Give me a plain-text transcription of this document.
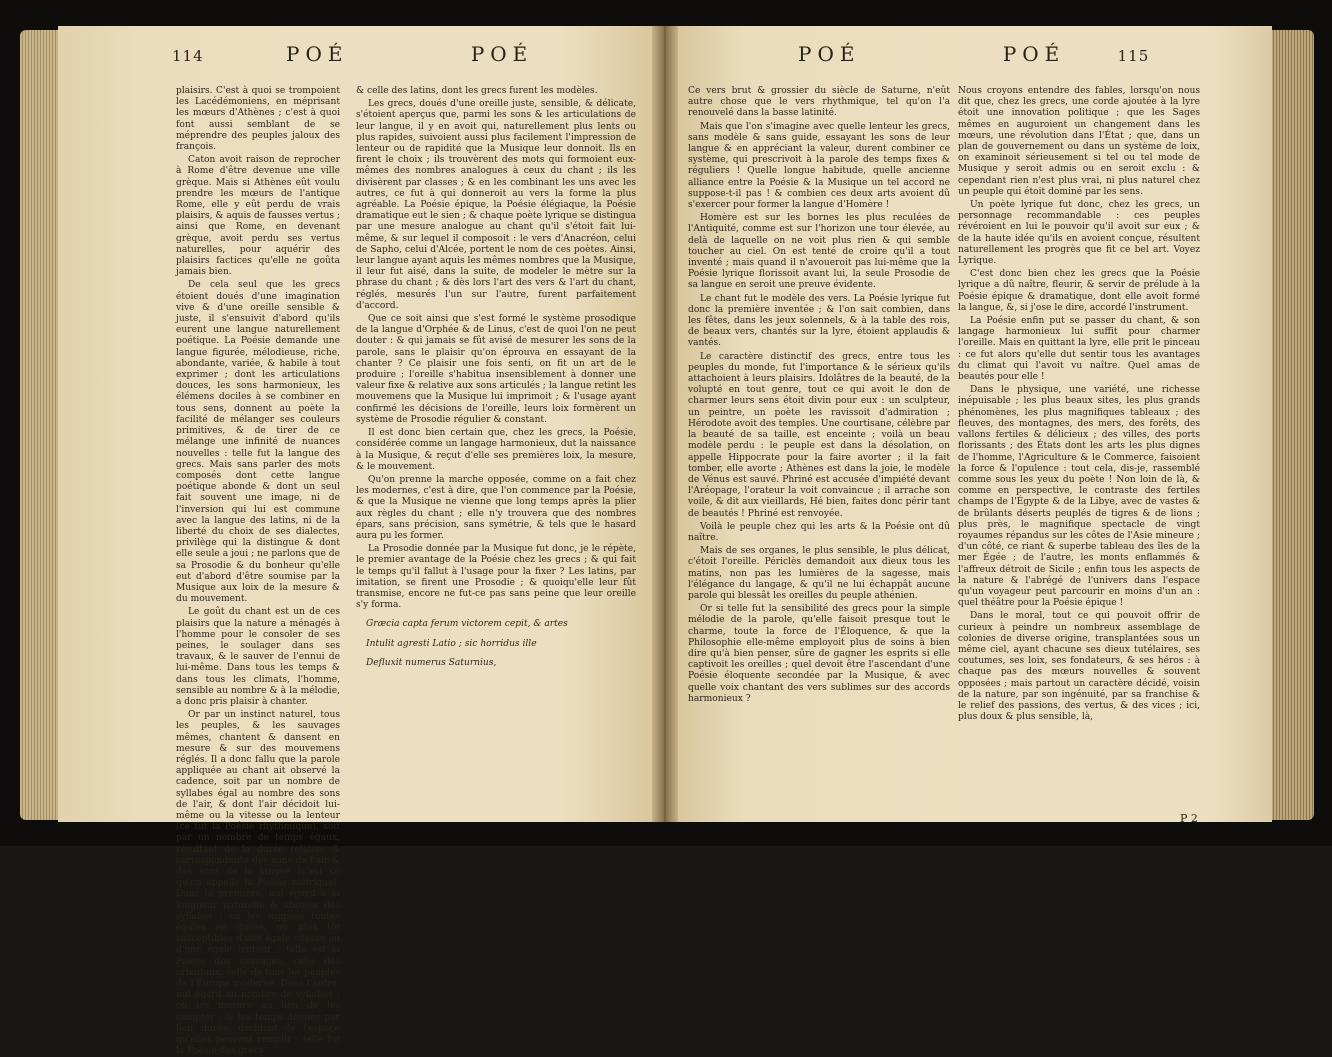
114	POÉ	POÉ	POÉ	POÉ	115

plaisirs. C'est à quoi se trompoient les Lacédémoniens, en méprisant les mœurs d'Athènes ; c'est à quoi font aussi semblant de se méprendre des peuples jaloux des françois.

Caton avoit raison de reprocher à Rome d'être devenue une ville grèque. Mais si Athènes eût voulu prendre les mœurs de l'antique Rome, elle y eût perdu de vrais plaisirs, & aquis de fausses vertus ; ainsi que Rome, en devenant grèque, avoit perdu ses vertus naturelles, pour aquérir des plaisirs factices qu'elle ne goûta jamais bien.

De cela seul que les grecs étoient doués d'une imagination vive & d'une oreille sensible & juste, il s'ensuivit d'abord qu'ils eurent une langue naturellement poétique. La Poésie demande une langue figurée, mélodieuse, riche, abondante, variée, & habile à tout exprimer ; dont les articulations douces, les sons harmonieux, les élémens dociles à se combiner en tous sens, donnent au poète la facilité de mélanger ses couleurs primitives, & de tirer de ce mélange une infinité de nuances nouvelles : telle fut la langue des grecs. Mais sans parler des mots composés dont cette langue poétique abonde & dont un seul fait souvent une image, ni de l'inversion qui lui est commune avec la langue des latins, ni de la liberté du choix de ses dialectes, privilège qui la distingue & dont elle seule a joui ; ne parlons que de sa Prosodie & du bonheur qu'elle eut d'abord d'être soumise par la Musique aux loix de la mesure & du mouvement.

Le goût du chant est un de ces plaisirs que la nature a ménagés à l'homme pour le consoler de ses peines, le soulager dans ses travaux, & le sauver de l'ennui de lui-même. Dans tous les temps & dans tous les climats, l'homme, sensible au nombre & à la mélodie, a donc pris plaisir à chanter.

Or par un instinct naturel, tous les peuples, & les sauvages mêmes, chantent & dansent en mesure & sur des mouvemens réglés. Il a donc fallu que la parole appliquée au chant ait observé la cadence, soit par un nombre de syllabes égal au nombre des sons de l'air, & dont l'air décidoit lui-même ou la vitesse ou la lenteur (ce fut la Poésie rhythmique), soit par un nombre de temps égaux, résultant de la durée relative & correspondante des sons de l'air & des sons de la langue (c'est ce qu'on appelle la Poésie métrique). Dans la première, nul égard à la longueur naturelle & absolue des syllabes ; on les suppose toutes égales en durée, ou plus tôt susceptibles d'une égale vitesse ou d'une égale lenteur : telle est la Poésie des sauvages, celle des orientaux, celle de tous les peuples de l'Europe moderne. Dans l'autre, nul égard au nombre de syllabes ; on les mesure au lieu de les compter ; & les temps donnés par leur durée, décident de l'espace qu'elles peuvent remplir : telle fut la Poésie des grecs

& celle des latins, dont les grecs furent les modèles.

Les grecs, doués d'une oreille juste, sensible, & délicate, s'étoient aperçus que, parmi les sons & les articulations de leur langue, il y en avoit qui, naturellement plus lents ou plus rapides, suivoient aussi plus facilement l'impression de lenteur ou de rapidité que la Musique leur donnoit. Ils en firent le choix ; ils trouvèrent des mots qui formoient eux-mêmes des nombres analogues à ceux du chant ; ils les divisèrent par classes ; & en les combinant les uns avec les autres, ce fut à qui donneroit au vers la forme la plus agréable. La Poésie épique, la Poésie élégiaque, la Poésie dramatique eut le sien ; & chaque poète lyrique se distingua par une mesure analogue au chant qu'il s'étoit fait lui-même, & sur lequel il composoit : le vers d'Anacréon, celui de Sapho, celui d'Alcée, portent le nom de ces poètes. Ainsi, leur langue ayant aquis les mêmes nombres que la Musique, il leur fut aisé, dans la suite, de modeler le mètre sur la phrase du chant ; & dès lors l'art des vers & l'art du chant, réglés, mesurés l'un sur l'autre, furent parfaitement d'accord.

Que ce soit ainsi que s'est formé le système prosodique de la langue d'Orphée & de Linus, c'est de quoi l'on ne peut douter : & qui jamais se fût avisé de mesurer les sons de la parole, sans le plaisir qu'on éprouva en essayant de la chanter ? Ce plaisir une fois senti, on fit un art de le produire ; l'oreille s'habitua insensiblement à donner une valeur fixe & relative aux sons articulés ; la langue retint les mouvemens que la Musique lui imprimoit ; & l'usage ayant confirmé les décisions de l'oreille, leurs loix formèrent un système de Prosodie régulier & constant.

Il est donc bien certain que, chez les grecs, la Poésie, considérée comme un langage harmonieux, dut la naissance à la Musique, & reçut d'elle ses premières loix, la mesure, & le mouvement.

Qu'on prenne la marche opposée, comme on a fait chez les modernes, c'est à dire, que l'on commence par la Poésie, & que la Musique ne vienne que long temps après la plier aux règles du chant ; elle n'y trouvera que des nombres épars, sans précision, sans symétrie, & tels que le hasard aura pu les former.

La Prosodie donnée par la Musique fut donc, je le répète, le premier avantage de la Poésie chez les grecs ; & qui fait le temps qu'il fallut à l'usage pour la fixer ? Les latins, par imitation, se firent une Prosodie ; & quoiqu'elle leur fût transmise, encore ne fut-ce pas sans peine que leur oreille s'y forma.

Græcia capta ferum victorem cepit, & artes

Intulit agresti Latio ; sic horridus ille

Defluxit numerus Saturnius,

Ce vers brut & grossier du siècle de Saturne, n'eût autre chose que le vers rhythmique, tel qu'on l'a renouvelé dans la basse latinité.

Mais que l'on s'imagine avec quelle lenteur les grecs, sans modèle & sans guide, essayant les sons de leur langue & en appréciant la valeur, durent combiner ce système, qui prescrivoit à la parole des temps fixes & réguliers ! Quelle longue habitude, quelle ancienne alliance entre la Poésie & la Musique un tel accord ne suppose-t-il pas ! & combien ces deux arts avoient dû s'exercer pour former la langue d'Homère !

Homère est sur les bornes les plus reculées de l'Antiquité, comme est sur l'horizon une tour élevée, au delà de laquelle on ne voit plus rien & qui semble toucher au ciel. On est tenté de croire qu'il a tout inventé ; mais quand il n'avoueroit pas lui-même que la Poésie lyrique florissoit avant lui, la seule Prosodie de sa langue en seroit une preuve évidente.

Le chant fut le modèle des vers. La Poésie lyrique fut donc la première inventée ; & l'on sait combien, dans les fêtes, dans les jeux solennels, & à la table des rois, de beaux vers, chantés sur la lyre, étoient applaudis & vantés.

Le caractère distinctif des grecs, entre tous les peuples du monde, fut l'importance & le sérieux qu'ils attachoient à leurs plaisirs. Idolâtres de la beauté, de la volupté en tout genre, tout ce qui avoit le don de charmer leurs sens étoit divin pour eux : un sculpteur, un peintre, un poète les ravissoit d'admiration ; Hérodote avoit des temples. Une courtisane, célèbre par la beauté de sa taille, est enceinte ; voilà un beau modèle perdu : le peuple est dans la désolation, on appelle Hippocrate pour la faire avorter ; il la fait tomber, elle avorte ; Athènes est dans la joie, le modèle de Vénus est sauvé. Phriné est accusée d'impiété devant l'Aréopage, l'orateur la voit convaincue ; il arrache son voile, & dit aux vieillards, Hé bien, faites donc périr tant de beautés ! Phriné est renvoyée.

Voilà le peuple chez qui les arts & la Poésie ont dû naître.

Mais de ses organes, le plus sensible, le plus délicat, c'étoit l'oreille. Périclès demandoit aux dieux tous les matins, non pas les lumières de la sagesse, mais l'élégance du langage, & qu'il ne lui échappât aucune parole qui blessât les oreilles du peuple athénien.

Or si telle fut la sensibilité des grecs pour la simple mélodie de la parole, qu'elle faisoit presque tout le charme, toute la force de l'Éloquence, & que la Philosophie elle-même employoit plus de soins à bien dire qu'à bien penser, sûre de gagner les esprits si elle captivoit les oreilles ; quel devoit être l'ascendant d'une Poésie éloquente secondée par la Musique, & avec quelle voix chantant des vers sublimes sur des accords harmonieux ?

Nous croyons entendre des fables, lorsqu'on nous dit que, chez les grecs, une corde ajoutée à la lyre étoit une innovation politique ; que les Sages mêmes en auguroient un changement dans les mœurs, une révolution dans l'État ; que, dans un plan de gouvernement ou dans un système de loix, on examinoit sérieusement si tel ou tel mode de Musique y seroit admis ou en seroit exclu : & cependant rien n'est plus vrai, ni plus naturel chez un peuple qui étoit dominé par les sens.

Un poète lyrique fut donc, chez les grecs, un personnage recommandable : ces peuples révéroient en lui le pouvoir qu'il avoit sur eux ; & de la haute idée qu'ils en avoient conçue, résultent naturellement les progrès que fit ce bel art. Voyez Lyrique.

C'est donc bien chez les grecs que la Poésie lyrique a dû naître, fleurir, & servir de prélude à la Poésie épique & dramatique, dont elle avoit formé la langue, &, si j'ose le dire, accordé l'instrument.

La Poésie enfin put se passer du chant, & son langage harmonieux lui suffit pour charmer l'oreille. Mais en quittant la lyre, elle prit le pinceau : ce fut alors qu'elle dut sentir tous les avantages du climat qui l'avoit vu naître. Quel amas de beautés pour elle !

Dans le physique, une variété, une richesse inépuisable ; les plus beaux sites, les plus grands phénomènes, les plus magnifiques tableaux ; des fleuves, des montagnes, des mers, des forêts, des vallons fertiles & délicieux ; des villes, des ports florissants ; des États dont les arts les plus dignes de l'homme, l'Agriculture & le Commerce, faisoient la force & l'opulence : tout cela, dis-je, rassemblé comme sous les yeux du poète ! Non loin de là, & comme en perspective, le contraste des fertiles champs de l'Égypte & de la Libye, avec de vastes & de brûlants déserts peuplés de tigres & de lions ; plus près, le magnifique spectacle de vingt royaumes répandus sur les côtes de l'Asie mineure ; d'un côté, ce riant & superbe tableau des îles de la mer Égée ; de l'autre, les monts enflammés & l'affreux détroit de Sicile ; enfin tous les aspects de la nature & l'abrégé de l'univers dans l'espace qu'un voyageur peut parcourir en moins d'un an : quel théâtre pour la Poésie épique !

Dans le moral, tout ce qui pouvoit offrir de curieux à peindre un nombreux assemblage de colonies de diverse origine, transplantées sous un même ciel, ayant chacune ses dieux tutélaires, ses coutumes, ses loix, ses fondateurs, & ses héros : à chaque pas des mœurs nouvelles & souvent opposées ; mais partout un caractère décidé, voisin de la nature, par son ingénuité, par sa franchise & le relief des passions, des vertus, & des vices ; ici, plus doux & plus sensible, là,

P 2
